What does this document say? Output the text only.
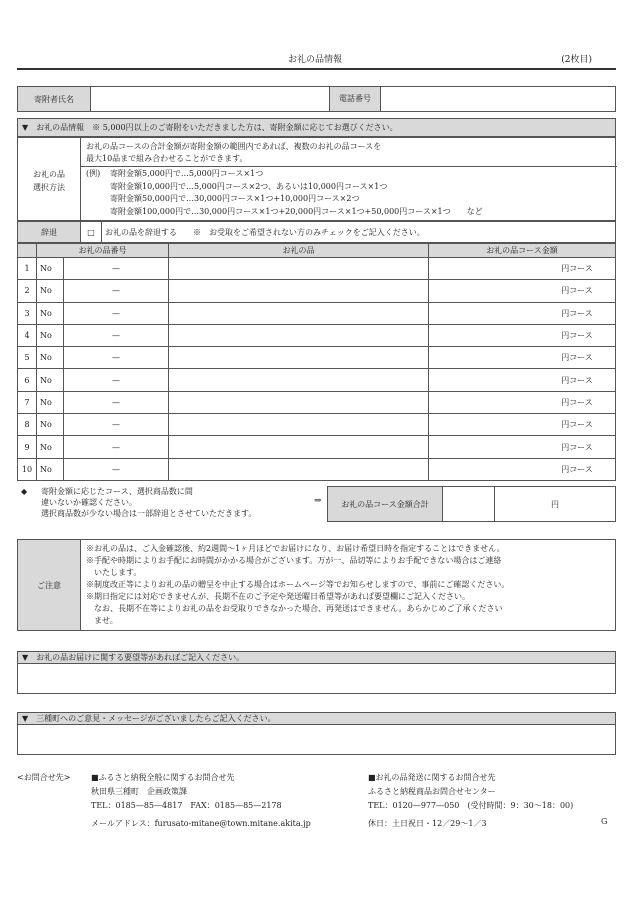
お礼の品情報	(2枚目)
寄附者氏名		電話番号	
▼　お礼の品情報　※ 5,000円以上のご寄附をいただきました方は、寄附金額に応じてお選びください。
お礼の品
選択方法
お礼の品コースの合計金額が寄附金額の範囲内であれば、複数のお礼の品コースを
最大10品まで組み合わせることができます。
(例) 寄附金額5,000円で…5,000円コース×1つ
寄附金額10,000円で…5,000円コース×2つ、あるいは10,000円コース×1つ
寄附金額50,000円で…30,000円コース×1つ+10,000円コース×2つ
寄附金額100,000円で…30,000円コース×1つ+20,000円コース×1つ+50,000円コース×1つ　　など
辞退	□	お礼の品を辞退する　　※　お受取をご希望されない方のみチェックをご記入ください。
	お礼の品番号		お礼の品	お礼の品コース金額	
1	No	—			円コース
2	No	—			円コース
3	No	—			円コース
4	No	—			円コース
5	No	—			円コース
6	No	—			円コース
7	No	—			円コース
8	No	—			円コース
9	No	—			円コース
10	No	—			円コース
◆ 寄附金額に応じたコース、選択商品数に間
違いないか確認ください。
選択商品数が少ない場合は一部辞退とさせていただきます。
⇒ お礼の品コース金額合計		円
ご注意
※お礼の品は、ご入金確認後、約2週間～1ヶ月ほどでお届けになり、お届け希望日時を指定することはできません。
※手配や時期によりお手配にお時間がかかる場合がございます。万が一、品切等によりお手配できない場合はご連絡
　いたします。
※制度改正等によりお礼の品の贈呈を中止する場合はホームページ等でお知らせしますので、事前にご確認ください。
※期日指定には対応できませんが、長期不在のご予定や発送曜日希望等があれば要望欄にご記入ください。
　なお、長期不在等によりお礼の品をお受取りできなかった場合、再発送はできません。あらかじめご了承ください
　ませ。
▼　お礼の品お届けに関する要望等があればご記入ください。
▼　三種町へのご意見・メッセージがございましたらご記入ください。
<お問合せ先>	■ふるさと納税全般に関するお問合せ先
秋田県三種町　企画政策課
TEL：0185—85—4817　FAX：0185—85—2178
メールアドレス：furusato-mitane@town.mitane.akita.jp
■お礼の品発送に関するお問合せ先
ふるさと納税商品お問合せセンター
TEL：0120—977—050　(受付時間：9：30～18：00)
休日：土日祝日・12／29～1／3	G
